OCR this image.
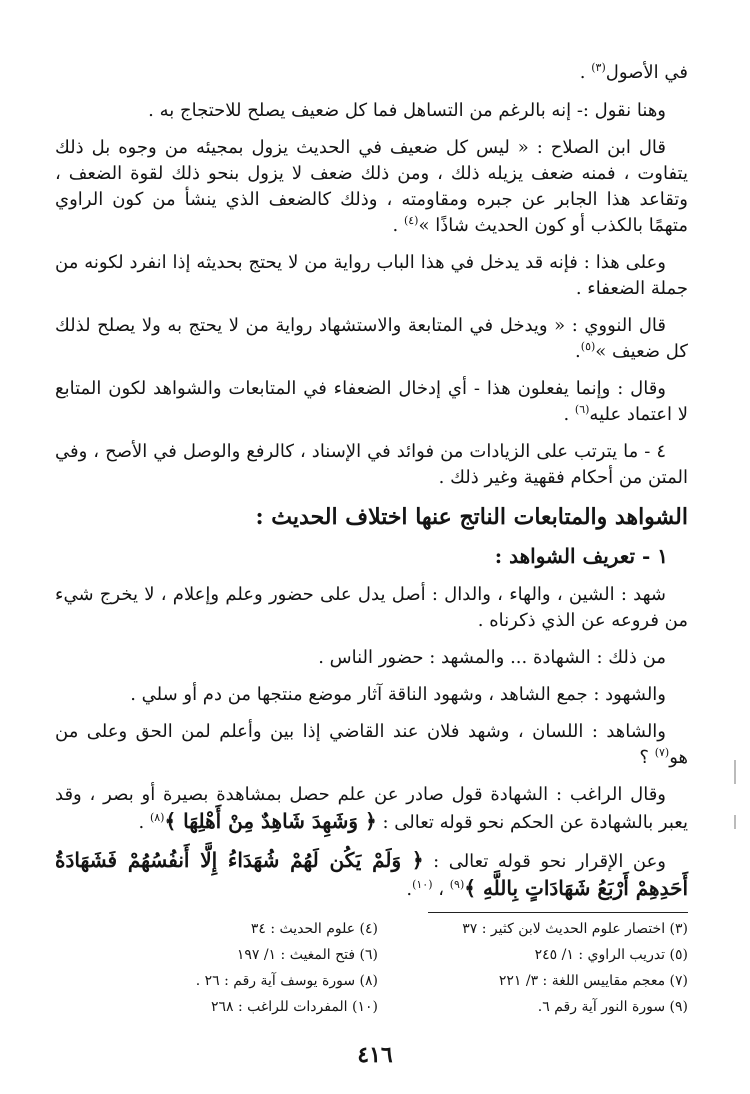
في الأصول$^{(٣)}$ .

وهنا نقول :- إنه بالرغم من التساهل فما كل ضعيف يصلح للاحتجاج به .

قال ابن الصلاح : « ليس كل ضعيف في الحديث يزول بمجيئه من وجوه بل ذلك يتفاوت ، فمنه ضعف يزيله ذلك ، ومن ذلك ضعف لا يزول بنحو ذلك لقوة الضعف ، وتقاعد هذا الجابر عن جبره ومقاومته ، وذلك كالضعف الذي ينشأ من كون الراوي متهمًا بالكذب أو كون الحديث شاذًا »$^{(٤)}$ .

وعلى هذا : فإنه قد يدخل في هذا الباب رواية من لا يحتج بحديثه إذا انفرد لكونه من جملة الضعفاء .

قال النووي : « ويدخل في المتابعة والاستشهاد رواية من لا يحتج به ولا يصلح لذلك كل ضعيف »$^{(٥)}$.

وقال : وإنما يفعلون هذا - أي إدخال الضعفاء في المتابعات والشواهد لكون المتابع لا اعتماد عليه$^{(٦)}$ .

٤ - ما يترتب على الزيادات من فوائد في الإسناد ، كالرفع والوصل في الأصح ، وفي المتن من أحكام فقهية وغير ذلك .

الشواهد والمتابعات الناتج عنها اختلاف الحديث :
١ - تعريف الشواهد :

شهد : الشين ، والهاء ، والدال : أصل يدل على حضور وعلم وإعلام ، لا يخرج شيء من فروعه عن الذي ذكرناه .

من ذلك : الشهادة ... والمشهد : حضور الناس .

والشهود : جمع الشاهد ، وشهود الناقة آثار موضع منتجها من دم أو سلي .

والشاهد : اللسان ، وشهد فلان عند القاضي إذا بين وأعلم لمن الحق وعلى من هو$^{(٧)}$ ؟

وقال الراغب : الشهادة قول صادر عن علم حصل بمشاهدة بصيرة أو بصر ، وقد يعبر بالشهادة عن الحكم نحو قوله تعالى : ﴿ وَشَهِدَ شَاهِدٌ مِنْ أَهْلِهَا ﴾$^{(٨)}$ .

وعن الإقرار نحو قوله تعالى : ﴿ وَلَمْ يَكُن لَهُمْ شُهَدَاءُ إِلَّا أَنفُسُهُمْ فَشَهَادَةُ أَحَدِهِمْ أَرْبَعُ شَهَادَاتٍ بِاللَّهِ ﴾$^{(٩)}$ ، $^{(١٠)}$.

(٣) اختصار علوم الحديث لابن كثير : ٣٧
(٤) علوم الحديث : ٣٤
(٥) تدريب الراوي : ١/ ٢٤٥
(٦) فتح المغيث : ١/ ١٩٧
(٧) معجم مقاييس اللغة : ٣/ ٢٢١
(٨) سورة يوسف آية رقم : ٢٦ .
(٩) سورة النور آية رقم ٦.
(١٠) المفردات للراغب : ٢٦٨
٤١٦
